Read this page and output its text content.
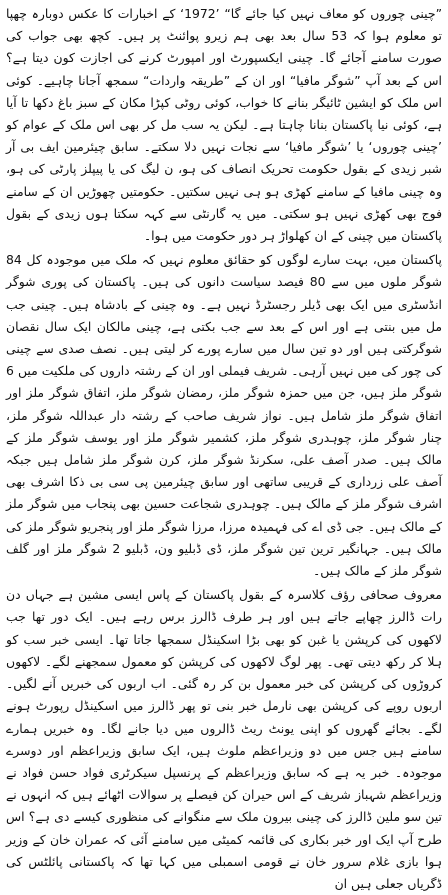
”چینی چوروں کو معاف نہیں کیا جائے گا“ ’1972‘ کے اخبارات کا عکس دوبارہ چھپا تو معلوم ہوا کہ 53 سال بعد بھی ہم زیرو پوائنٹ پر ہیں۔ کچھ بھی جواب کی صورت سامنے آجائے گا۔ چینی ایکسپورٹ اور امپورٹ کرنے کی اجازت کون دیتا ہے؟ اس کے بعد آپ ”شوگر مافیا“ اور ان کے ”طریقہ واردات“ سمجھ آجانا چاہیے۔ کوئی اس ملک کو ایشین ٹائیگر بنانے کا خواب، کوئی روٹی کپڑا مکان کے سبز باغ دکھا تا آیا ہے، کوئی نیا پاکستان بنانا چاہتا ہے۔ لیکن یہ سب مل کر بھی اس ملک کے عوام کو ’چینی چوروں‘ یا ’شوگر مافیا‘ سے نجات نہیں دلا سکتے۔ سابق چیئرمین ایف بی آر شبر زیدی کے بقول حکومت تحریک انصاف کی ہو، ن لیگ کی یا پیپلز پارٹی کی ہو، وہ چینی مافیا کے سامنے کھڑی ہو ہی نہیں سکتیں۔ حکومتیں چھوڑیں ان کے سامنے فوج بھی کھڑی نہیں ہو سکتی۔ میں یہ گارنٹی سے کہہ سکتا ہوں زیدی کے بقول پاکستان میں چینی کے ان کھلواڑ ہر دور حکومت میں ہوا۔

پاکستان میں، بہت سارے لوگوں کو حقائق معلوم نہیں کہ ملک میں موجودہ کل 84 شوگر ملوں میں سے 80 فیصد سیاست دانوں کی ہیں۔ پاکستان کی پوری شوگر انڈسٹری میں ایک بھی ڈیلر رجسٹرڈ نہیں ہے۔ وہ چینی کے بادشاہ ہیں۔ چینی جب مل میں بنتی ہے اور اس کے بعد سے جب بکتی ہے، چینی مالکان ایک سال نقصان شوگرکتی ہیں اور دو تین سال میں سارے پورے کر لیتی ہیں۔ نصف صدی سے چینی کی چور کی میں نہیں آرہی۔ شریف فیملی اور ان کے رشتہ داروں کی ملکیت میں 6 شوگر ملز ہیں، جن میں حمزہ شوگر ملز، رمضان شوگر ملز، اتفاق شوگر ملز اور اتفاق شوگر ملز شامل ہیں۔ نواز شریف صاحب کے رشتہ دار عبداللہ شوگر ملز، چنار شوگر ملز، چوہدری شوگر ملز، کشمیر شوگر ملز اور یوسف شوگر ملز کے مالک ہیں۔ صدر آصف علی، سکرنڈ شوگر ملز، کرن شوگر ملز شامل ہیں جبکہ آصف علی زرداری کے قریبی ساتھی اور سابق چیئرمین پی سی بی ذکا اشرف بھی اشرف شوگر ملز کے مالک ہیں۔ چوہدری شجاعت حسین بھی پنجاب میں شوگر ملز کے مالک ہیں۔ جی ڈی اے کی فہمیدہ مرزا، مرزا شوگر ملز اور پنجریو شوگر ملز کی مالک ہیں۔ جہانگیر ترین تین شوگر ملز، ڈی ڈبلیو ون، ڈبلیو 2 شوگر ملز اور گلف شوگر ملز کے مالک ہیں۔

معروف صحافی رؤف کلاسرہ کے بقول پاکستان کے پاس ایسی مشین ہے جہاں دن رات ڈالرز چھاپے جاتے ہیں اور ہر طرف ڈالرز برس رہے ہیں۔ ایک دور تھا جب لاکھوں کی کرپشن یا غبن کو بھی بڑا اسکینڈل سمجھا جاتا تھا۔ ایسی خبر سب کو ہلا کر رکھ دیتی تھی۔ پھر لوگ لاکھوں کی کرپشن کو معمول سمجھنے لگے۔ لاکھوں کروڑوں کی کرپشن کی خبر معمول بن کر رہ گئی۔ اب اربوں کی خبریں آنے لگیں۔ اربوں روپے کی کرپشن بھی نارمل خبر بنی تو پھر ڈالرز میں اسکینڈل رپورٹ ہونے لگے۔ بجائے گھروں کو اپنی یونٹ ریٹ ڈالروں میں دیا جانے لگا۔ وہ خبریں ہمارے سامنے ہیں جس میں دو وزیراعظم ملوث ہیں، ایک سابق وزیراعظم اور دوسرے موجودہ۔ خبر یہ ہے کہ سابق وزیراعظم کے پرنسپل سیکرٹری فواد حسن فواد نے وزیراعظم شہباز شریف کے اس حیران کن فیصلے پر سوالات اٹھائے ہیں کہ انہوں نے تین سو ملین ڈالرز کی چینی بیرون ملک سے منگوانے کی منظوری کیسے دی ہے؟ اس طرح آپ ایک اور خبر بکاری کی قائمہ کمیٹی میں سامنے آئی کہ عمران خان کے وزیر ہوا بازی غلام سرور خان نے قومی اسمبلی میں کہا تھا کہ پاکستانی پائلٹس کی ڈگریاں جعلی ہیں ان
